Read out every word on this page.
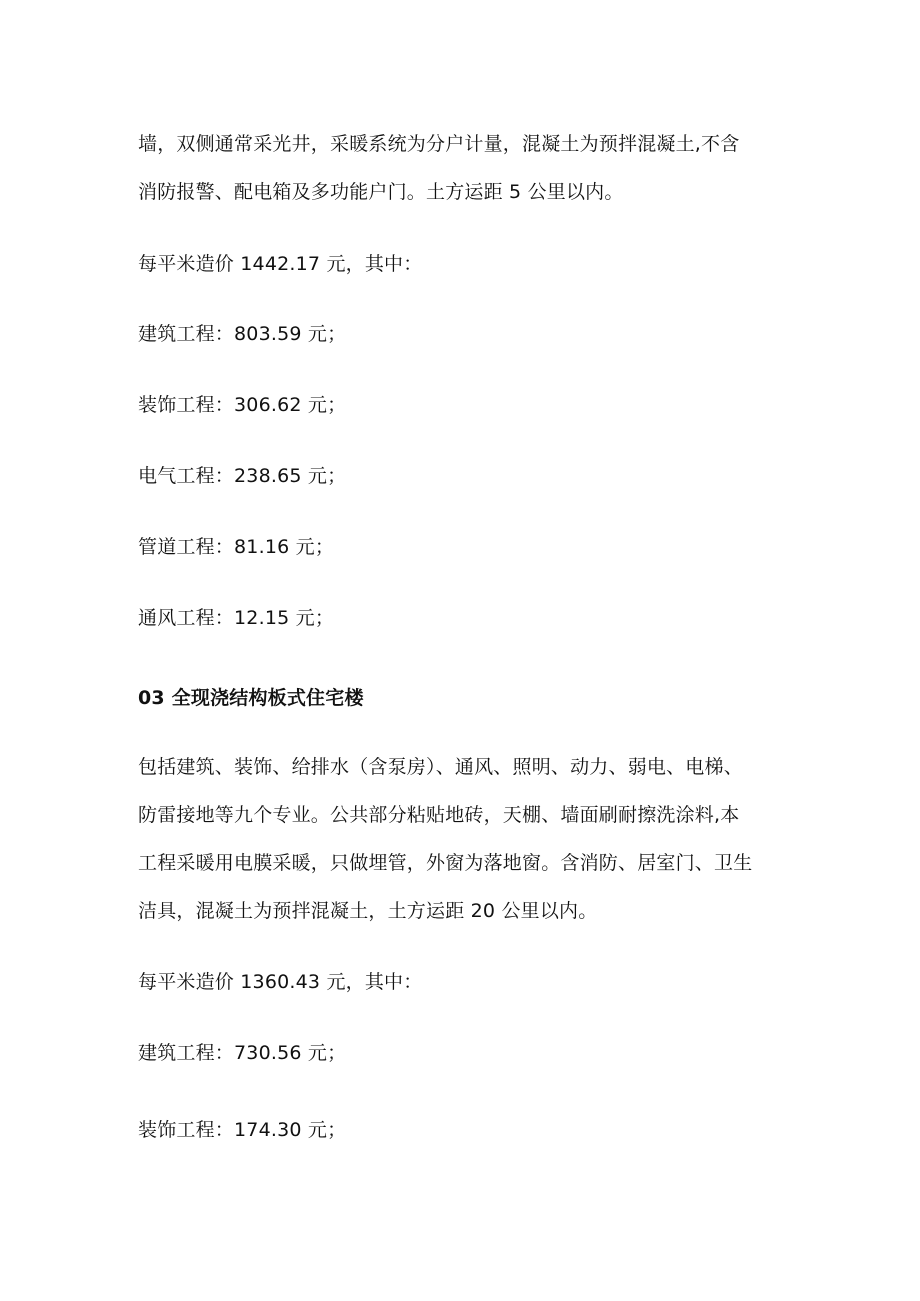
墙，双侧通常采光井，采暖系统为分户计量，混凝土为预拌混凝土,不含
消防报警、配电箱及多功能户门。土方运距 5 公里以内。
每平米造价 1442.17 元，其中：
建筑工程：803.59 元；
装饰工程：306.62 元；
电气工程：238.65 元；
管道工程：81.16 元；
通风工程：12.15 元；
03 全现浇结构板式住宅楼
包括建筑、装饰、给排水（含泵房）、通风、照明、动力、弱电、电梯、
防雷接地等九个专业。公共部分粘贴地砖，天棚、墙面刷耐擦洗涂料,本
工程采暖用电膜采暖，只做埋管，外窗为落地窗。含消防、居室门、卫生
洁具，混凝土为预拌混凝土，土方运距 20 公里以内。
每平米造价 1360.43 元，其中：
建筑工程：730.56 元；
装饰工程：174.30 元；
